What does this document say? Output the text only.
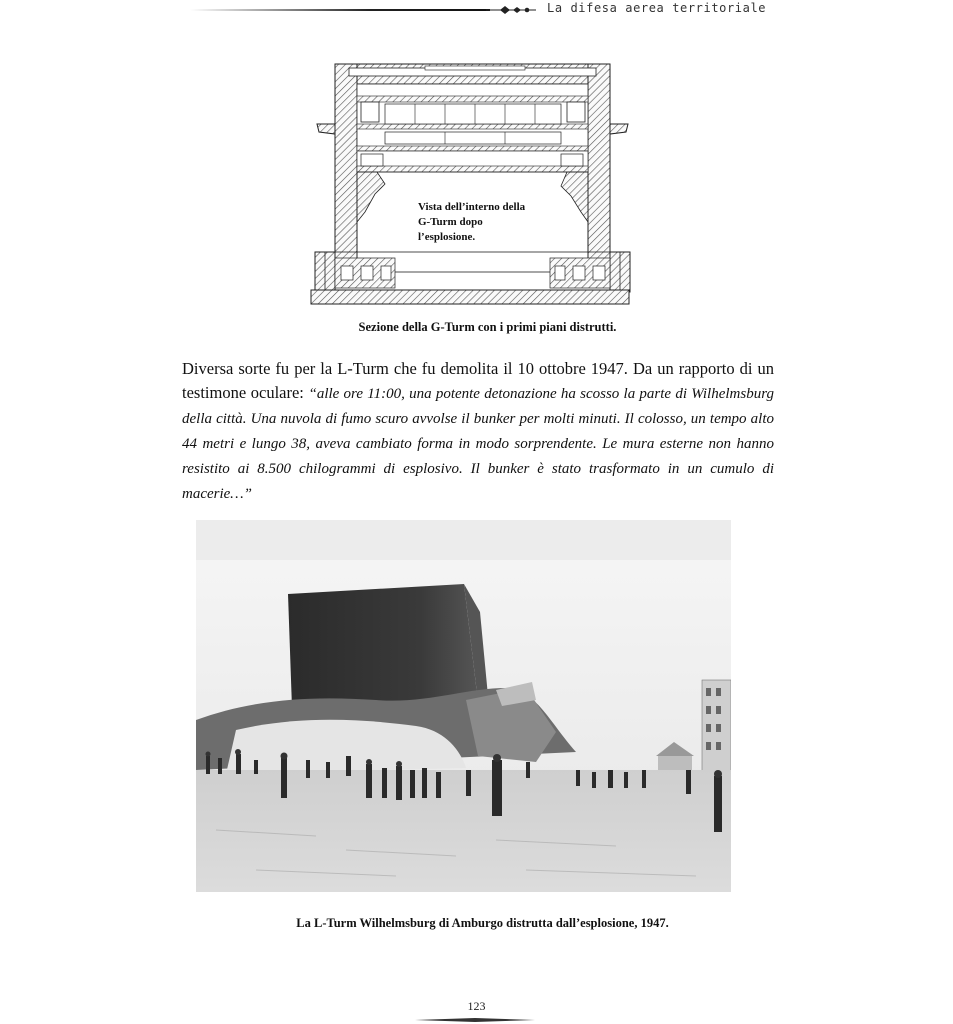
La difesa aerea territoriale
Vista dell’interno della G-Turm dopo l’esplosione.
Sezione della G-Turm con i primi piani distrutti.
Diversa sorte fu per la L-Turm che fu demolita il 10 ottobre 1947. Da un rapporto di un testimone oculare: “alle ore 11:00, una potente detonazione ha scosso la parte di Wilhelmsburg della città. Una nuvola di fumo scuro avvolse il bunker per molti minuti. Il colosso, un tempo alto 44 metri e lungo 38, aveva cambiato forma in modo sorprendente. Le mura esterne non hanno resistito ai 8.500 chilogrammi di esplosivo. Il bunker è stato trasformato in un cumulo di macerie…”
La L-Turm Wilhelmsburg di Amburgo distrutta dall’esplosione, 1947.
123
